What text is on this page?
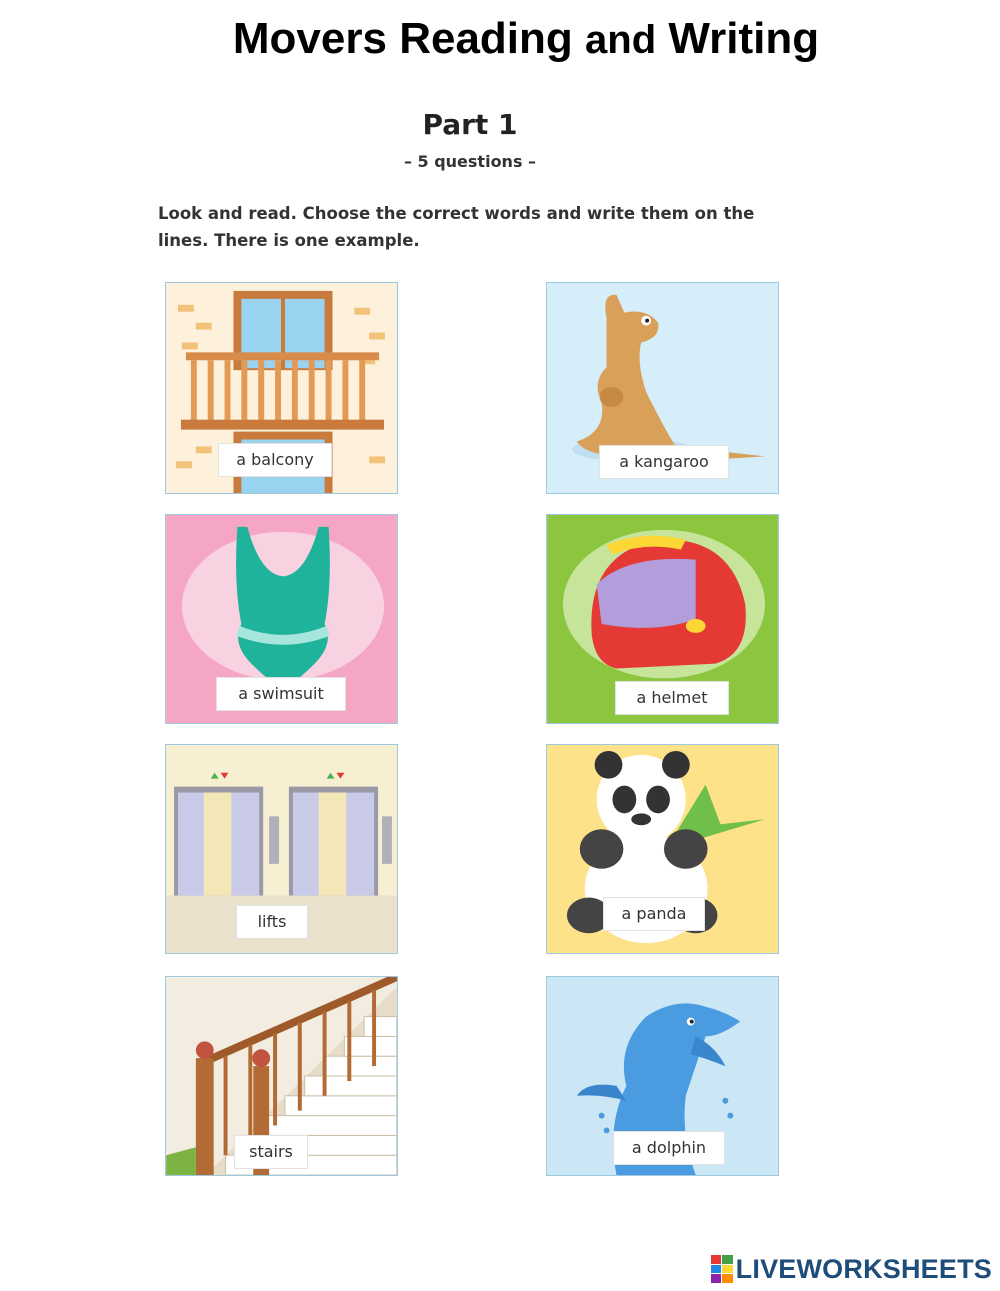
Movers Reading and Writing
Part 1
– 5 questions –
Look and read. Choose the correct words and write them on the lines. There is one example.
a balcony	a kangaroo
a swimsuit	a helmet
lifts	a panda
stairs	a dolphin
LIVEWORKSHEETS
